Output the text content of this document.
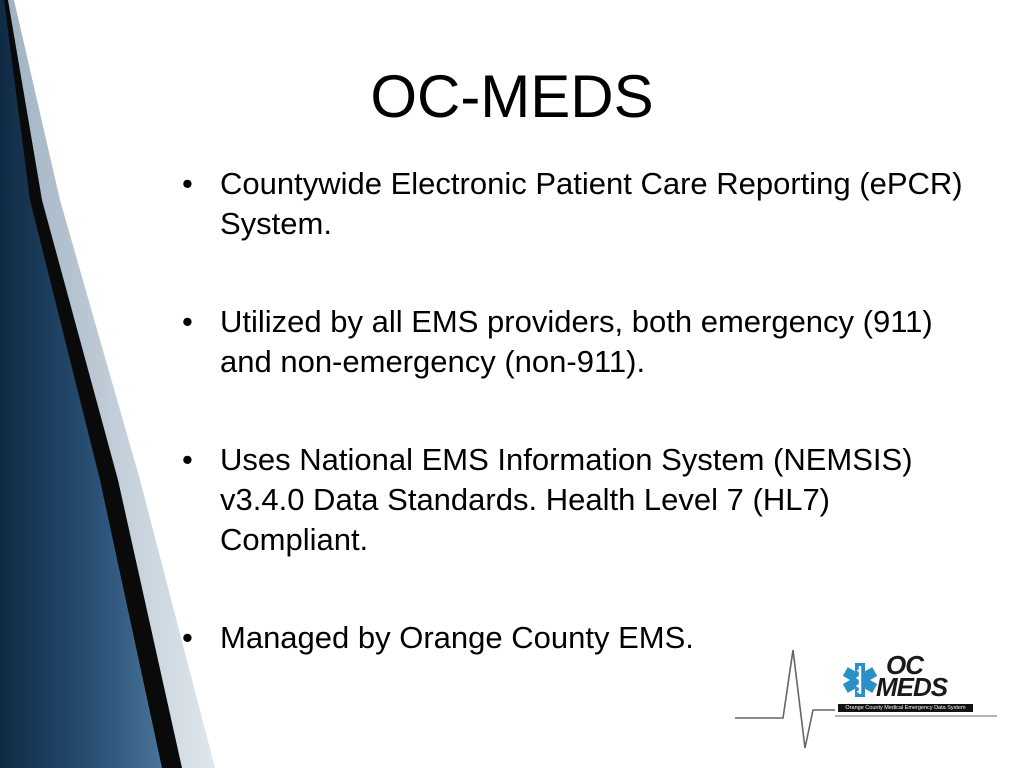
OC-MEDS
• Countywide Electronic Patient Care Reporting (ePCR) System.
• Utilized by all EMS providers, both emergency (911) and non-emergency (non-911).
• Uses National EMS Information System (NEMSIS) v3.4.0 Data Standards. Health Level 7 (HL7) Compliant.
• Managed by Orange County EMS.
OC
MEDS
Orange County Medical Emergency Data System
